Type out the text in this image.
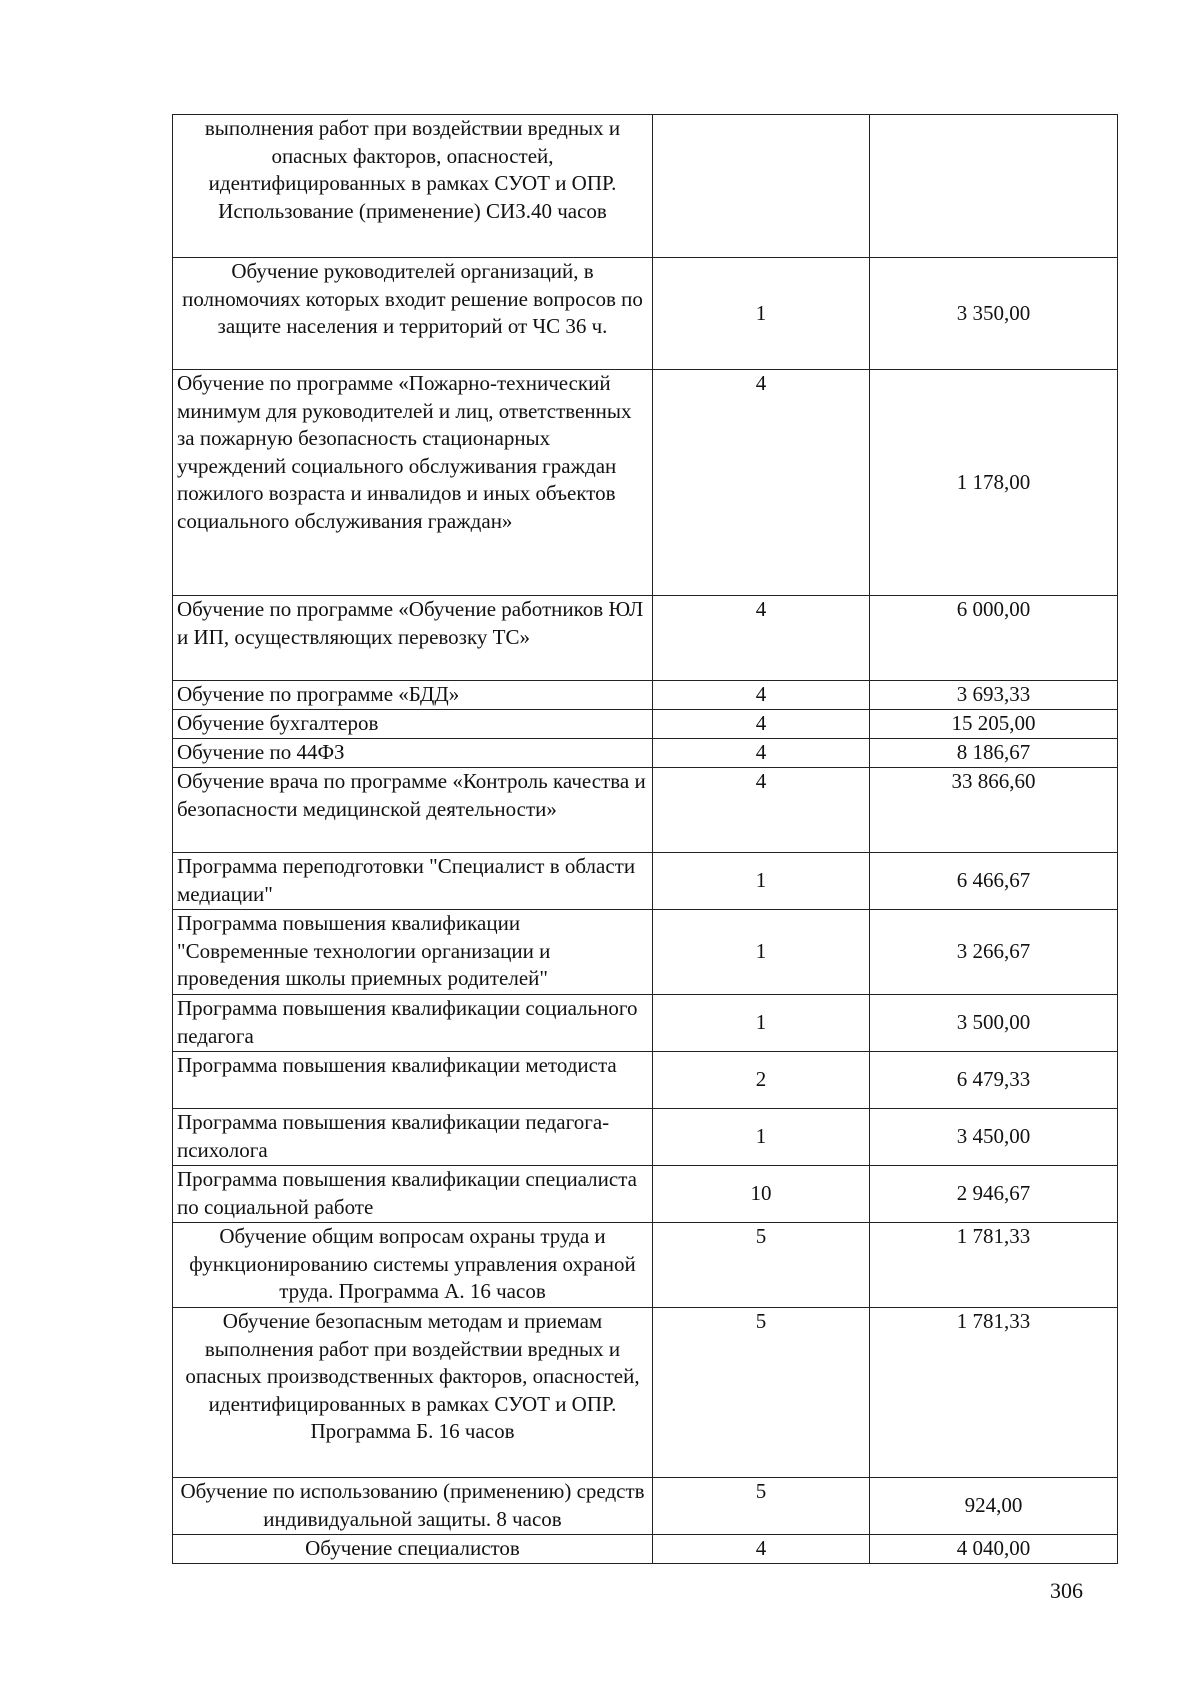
выполнения работ при воздействии вредных и опасных факторов, опасностей, идентифицированных в рамках СУОТ и ОПР. Использование (применение) СИЗ.40 часов		
Обучение руководителей организаций, в полномочиях которых входит решение вопросов по защите населения и территорий от ЧС 36 ч.	1	3 350,00
Обучение по программе «Пожарно-технический минимум для руководителей и лиц, ответственных за пожарную безопасность стационарных учреждений социального обслуживания граждан пожилого возраста и инвалидов и иных объектов социального обслуживания граждан»	4	1 178,00
Обучение по программе «Обучение работников ЮЛ и ИП, осуществляющих перевозку ТС»	4	6 000,00
Обучение по программе «БДД»	4	3 693,33
Обучение бухгалтеров	4	15 205,00
Обучение по 44ФЗ	4	8 186,67
Обучение врача по программе «Контроль качества и безопасности медицинской деятельности»	4	33 866,60
Программа переподготовки "Специалист в области медиации"	1	6 466,67
Программа повышения квалификации "Современные технологии организации и проведения школы приемных родителей"	1	3 266,67
Программа повышения квалификации социального педагога	1	3 500,00
Программа повышения квалификации методиста	2	6 479,33
Программа повышения квалификации педагога-психолога	1	3 450,00
Программа повышения квалификации специалиста по социальной работе	10	2 946,67
Обучение общим вопросам охраны труда и функционированию системы управления охраной труда. Программа А. 16 часов	5	1 781,33
Обучение безопасным методам и приемам выполнения работ при воздействии вредных и опасных производственных факторов, опасностей, идентифицированных в рамках СУОТ и ОПР. Программа Б. 16 часов	5	1 781,33
Обучение по использованию (применению) средств индивидуальной защиты. 8 часов	5	924,00
Обучение специалистов	4	4 040,00
306
